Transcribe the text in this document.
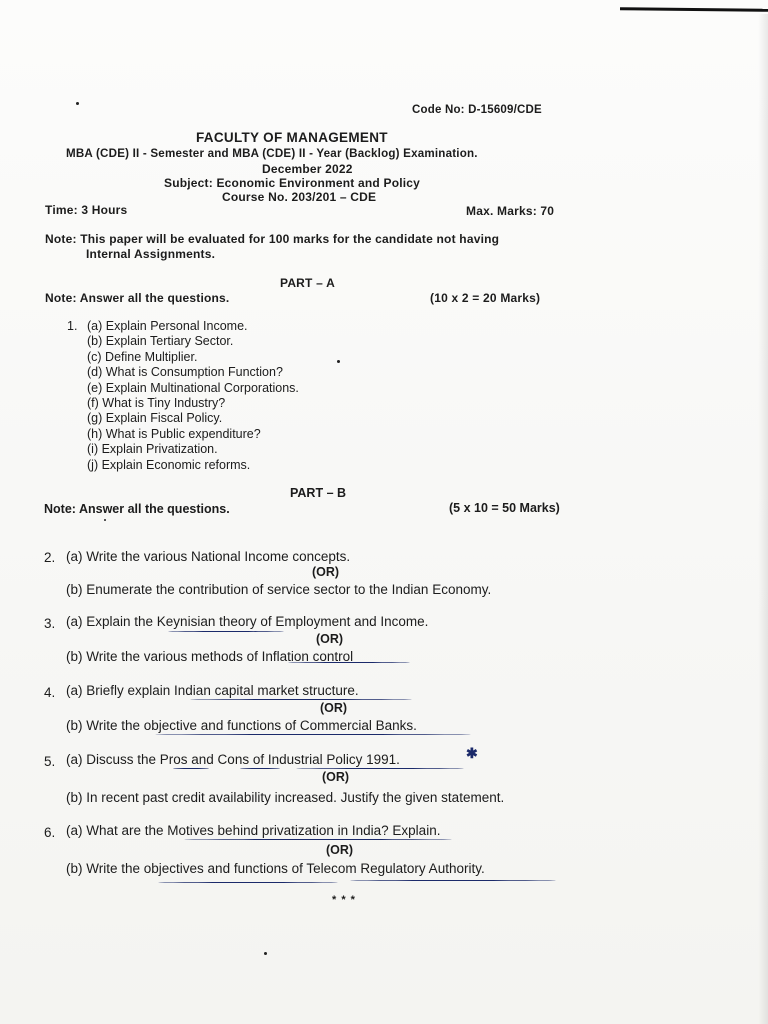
Code No: D-15609/CDE
FACULTY OF MANAGEMENT
MBA (CDE) II - Semester and MBA (CDE) II - Year (Backlog) Examination.
December 2022
Subject: Economic Environment and Policy
Course No. 203/201 – CDE
Time: 3 Hours	Max. Marks: 70
Note: This paper will be evaluated for 100 marks for the candidate not having
Internal Assignments.
PART – A
Note: Answer all the questions.	(10 x 2 = 20 Marks)
1. (a) Explain Personal Income.
(b) Explain Tertiary Sector.
(c) Define Multiplier.
(d) What is Consumption Function?
(e) Explain Multinational Corporations.
(f) What is Tiny Industry?
(g) Explain Fiscal Policy.
(h) What is Public expenditure?
(i) Explain Privatization.
(j) Explain Economic reforms.
PART – B
Note: Answer all the questions.	(5 x 10 = 50 Marks)
2. (a) Write the various National Income concepts.
(OR)
(b) Enumerate the contribution of service sector to the Indian Economy.
3. (a) Explain the Keynisian theory of Employment and Income.
(OR)
(b) Write the various methods of Inflation control
4. (a) Briefly explain Indian capital market structure.
(OR)
(b) Write the objective and functions of Commercial Banks.
5. (a) Discuss the Pros and Cons of Industrial Policy 1991.	✱
(OR)
(b) In recent past credit availability increased. Justify the given statement.
6. (a) What are the Motives behind privatization in India? Explain.
(OR)
(b) Write the objectives and functions of Telecom Regulatory Authority.
* * *
